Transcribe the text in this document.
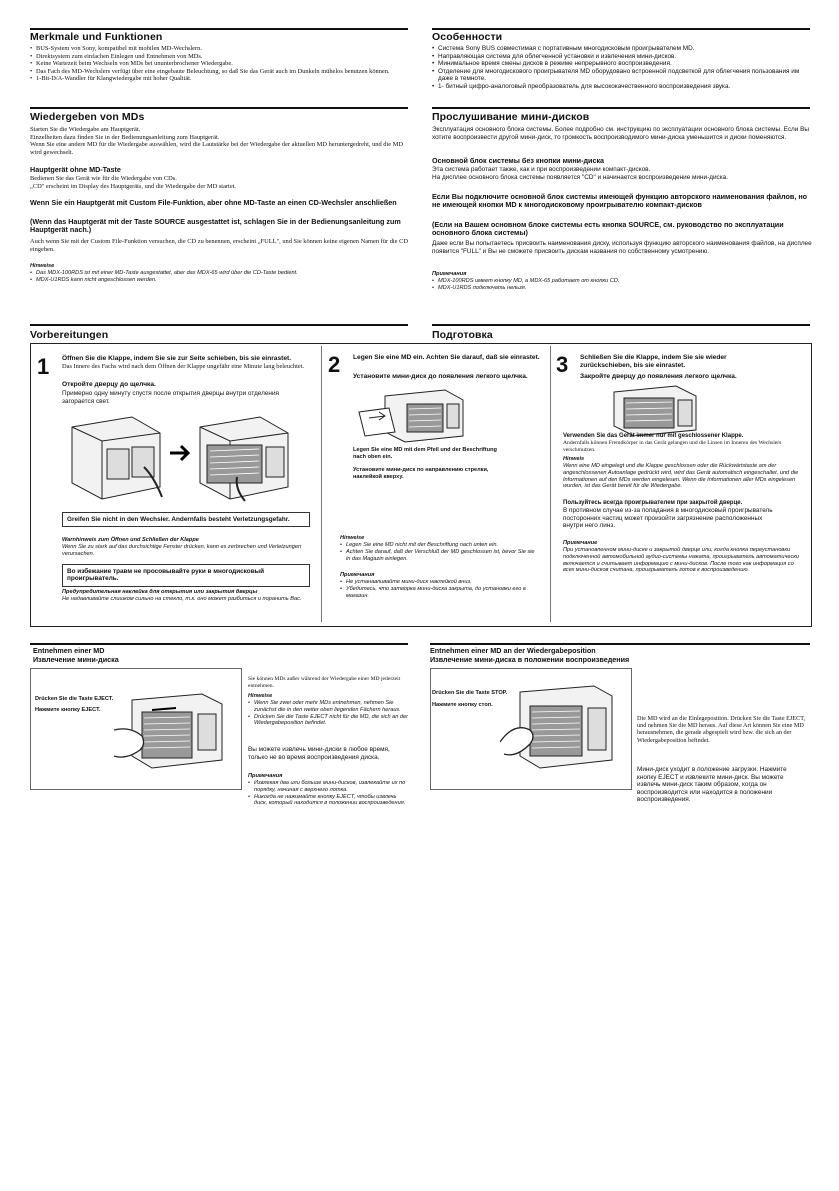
Merkmale und Funktionen
• BUS-System von Sony, kompatibel mit mobilen MD-Wechslern.
• Direktsystem zum einfachen Einlegen und Entnehmen von MDs.
• Keine Wartezeit beim Wechseln von MDs bei ununterbrochener Wiedergabe.
• Das Fach des MD-Wechslers verfügt über eine eingebaute Beleuchtung, so daß Sie das Gerät auch im Dunkeln mühelos benutzen können.
• 1-Bit-D/A-Wandler für Klangwiedergabe mit hoher Qualität.
Особенности
• Система Sony BUS совместимая с портативным многодисковым проигрывателем MD.
• Направляющая система для облегченной установки и извлечения мини-дисков.
• Минимальное время смены дисков в режиме непрерывного воспроизведения.
• Отделение для многодискового проигрывателя MD оборудовано встроенной подсветкой для облегчения пользования им даже в темноте.
• 1- битный цифро-аналоговый преобразователь для высококачественного воспроизведения звука.
Wiedergeben von MDs
Starten Sie die Wiedergabe am Hauptgerät.
Einzelheiten dazu finden Sie in der Bedienungsanleitung zum Hauptgerät.
Wenn Sie eine andere MD für die Wiedergabe auswählen, wird die Lautstärke bei der Wiedergabe der aktuellen MD heruntergedreht, und die MD wird gewechselt.
Hauptgerät ohne MD-Taste
Bedienen Sie das Gerät wie für die Wiedergabe von CDs.
„CD" erscheint im Display des Hauptgeräts, und die Wiedergabe der MD startet.
Wenn Sie ein Hauptgerät mit Custom File-Funktion, aber ohne MD-Taste an einen CD-Wechsler anschließen
(Wenn das Hauptgerät mit der Taste SOURCE ausgestattet ist, schlagen Sie in der Bedienungsanleitung zum Hauptgerät nach.)
Auch wenn Sie mit der Custom File-Funktion versuchen, die CD zu benennen, erscheint „FULL", und Sie können keine eigenen Namen für die CD eingeben.
Hinweise
• Das MDX-100RDS ist mit einer MD-Taste ausgestattet, aber das MDX-65 wird über die CD-Taste bedient.
• MDX-U1RDS kann nicht angeschlossen werden.
Прослушивание мини-дисков
Эксплуатация основного блока системы. Более подробно см. инструкцию по эксплуатации основного блока системы. Если Вы хотите воспроизвести другой мини-диск, то громкость воспроизводимого мини-диска уменьшится и диски поменяются.
Основной блок системы без кнопки мини-диска
Эта система работает также, как и при воспроизведении компакт-дисков.
На дисплее основного блока системы появляется "CD" и начинается воспроизведение мини-диска.
Если Вы подключите основной блок системы имеющей функцию авторского наименования файлов, но не имеющей кнопки MD к многодисковому проигрывателю компакт-дисков
(Если на Вашем основном блоке системы есть кнопка SOURCE, см. руководство по эксплуатации основного блока системы)
Даже если Вы попытаетесь присвоить наименования диску, используя функцию авторского наименования файлов, на дисплее появится "FULL" и Вы не сможете присвоить дискам названия по собственному усмотрению.
Примечания
• MDX-100RDS имеет кнопку MD, а MDX-65 работает от кнопки CD.
• MDX-U1RDS подключать нельзя.
Vorbereitungen	Подготовка
1 Öffnen Sie die Klappe, indem Sie sie zur Seite schieben, bis sie einrastet.
Das Innere des Fachs wird nach dem Öffnen der Klappe ungefähr eine Minute lang beleuchtet.
Откройте дверцу до щелчка.
Примерно одну минуту спустя после открытия дверцы внутри отделения загорается свет.
Greifen Sie nicht in den Wechsler. Andernfalls besteht Verletzungsgefahr.
Warnhinweis zum Öffnen und Schließen der Klappe
Wenn Sie zu stark auf das durchsichtige Fenster drücken, kann es zerbrechen und Verletzungen verursachen.
Во избежание травм не просовывайте руки в многодисковый проигрыватель.
Предупредительная наклейка для открытия или закрытия дверцы
Не надавливайте слишком сильно на стекло, т.к. оно может разбиться и поранить Вас.
2 Legen Sie eine MD ein. Achten Sie darauf, daß sie einrastet.
Установите мини-диск до появления легкого щелчка.
Legen Sie eine MD mit dem Pfeil und der Beschriftung nach oben ein.
Установите мини-диск по направлению стрелки, наклейкой кверху.
Hinweise
• Legen Sie eine MD nicht mit der Beschriftung nach unten ein.
• Achten Sie darauf, daß der Verschluß der MD geschlossen ist, bevor Sie sie in das Magazin einlegen.
Примечания
• Не устанавливайте мини-диск наклейкой вниз.
• Убедитесь, что затворка мини-диска закрыта, до установки его в магазин.
3 Schließen Sie die Klappe, indem Sie sie wieder zurückschieben, bis sie einrastet.
Закройте дверцу до появления легкого щелчка.
Verwenden Sie das Gerät immer nur mit geschlossener Klappe.
Andernfalls können Fremdkörper in das Gerät gelangen und die Linsen im Inneren des Wechslers verschmutzen.
Hinweis
Wenn eine MD eingelegt und die Klappe geschlossen oder die Rückwärtstaste am der angeschlossenen Autoanlage gedrückt wird, wird das Gerät automatisch eingeschaltet, und die Informationen auf den MDs werden eingelesen. Wenn die Informationen aller MDs eingelesen wurden, ist das Gerät bereit für die Wiedergabe.
Пользуйтесь всегда проигрывателем при закрытой дверце.
В противном случае из-за попадания в многодисковый проигрыватель посторонних частиц может произойти загрязнение расположенных внутри него линз.
Примечание
При установленном мини-диске и закрытой дверце или, когда кнопка переустановки подключенной автомобильной аудио-системы нажата, проигрыватель автоматически включается и считывает информацию с мини-дисков. После того как информация со всех мини-дисков считана, проигрыватель готов к воспроизведению.
Entnehmen einer MD
Извлечение мини-диска
Drücken Sie die Taste EJECT.
Нажмите кнопку EJECT.
Sie können MDs außer während der Wiedergabe einer MD jederzeit entnehmen.
Hinweise
• Wenn Sie zwei oder mehr MDs entnehmen, nehmen Sie zunächst die in den weiter oben liegenden Fächern heraus.
• Drücken Sie die Taste EJECT nicht für die MD, die sich an der Wiedergabeposition befindet.
Вы можете извлечь мини-диски в любое время, только не во время воспроизведения диска.
Примечания
• Извлекая два или больше мини-дисков, извлекайте их по порядку, начиная с верхнего лотка.
• Никогда не нажимайте кнопку EJECT, чтобы извлечь диск, который находится в положении воспроизведения.
Entnehmen einer MD an der Wiedergabeposition
Извлечение мини-диска в положении воспроизведения
Drücken Sie die Taste STOP.
Нажмите кнопку стоп.
Die MD wird an die Einlegeposition. Drücken Sie die Taste EJECT, und nehmen Sie die MD heraus. Auf diese Art können Sie eine MD herausnehmen, die gerade abgespielt wird bzw. die sich an der Wiedergabeposition befindet.
Мини-диск уходит в положение загрузки. Нажмите кнопку EJECT и извлеките мини-диск. Вы можете извлечь мини-диск таким образом, когда он воспроизводится или находится в положении воспроизведения.
